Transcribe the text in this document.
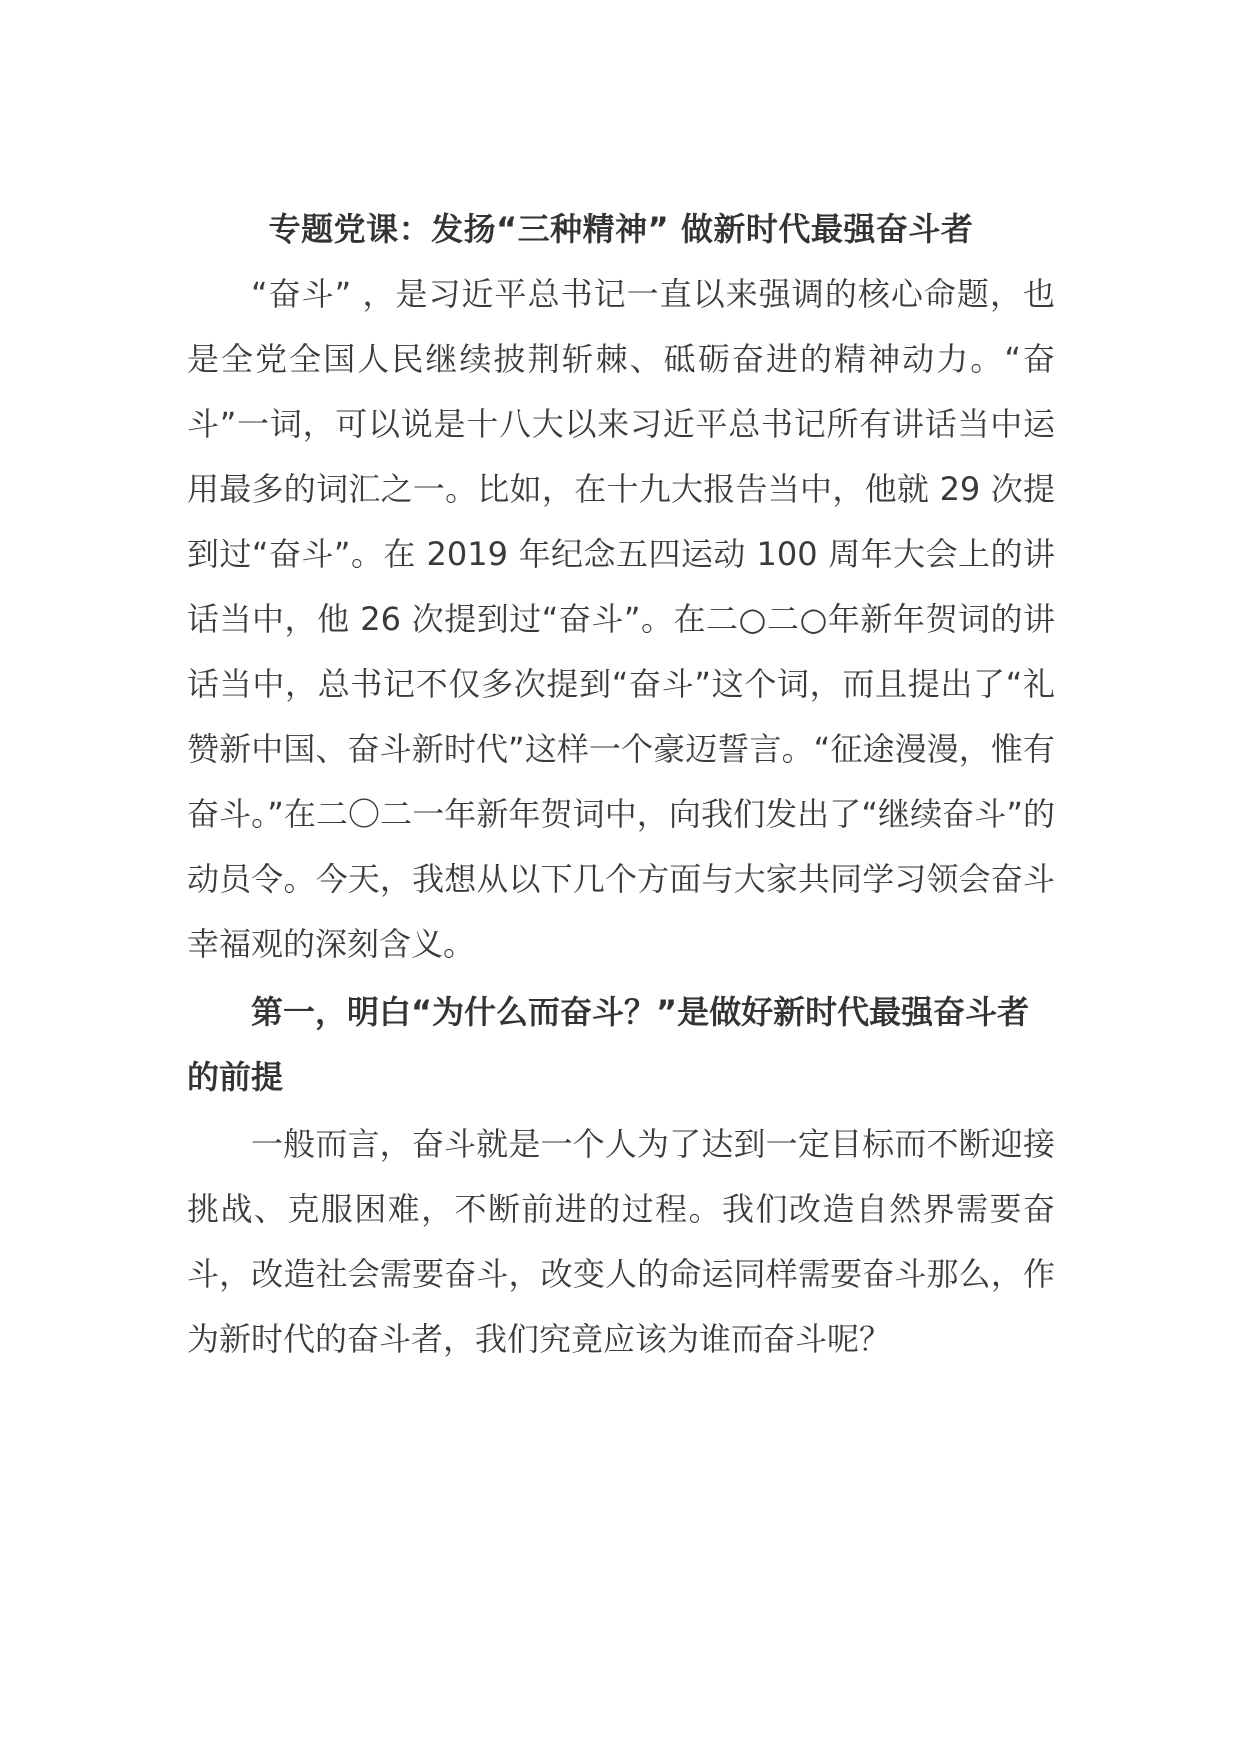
专题党课：发扬“三种精神” 做新时代最强奋斗者

“奋斗” ，是习近平总书记一直以来强调的核心命题，也是全党全国人民继续披荆斩棘、砥砺奋进的精神动力。“奋斗”一词，可以说是十八大以来习近平总书记所有讲话当中运用最多的词汇之一。比如，在十九大报告当中，他就 29 次提到过“奋斗”。在 2019 年纪念五四运动 100 周年大会上的讲话当中，他 26 次提到过“奋斗”。在二○二○年新年贺词的讲话当中，总书记不仅多次提到“奋斗”这个词，而且提出了“礼赞新中国、奋斗新时代”这样一个豪迈誓言。“征途漫漫，惟有奋斗。”在二〇二一年新年贺词中，向我们发出了“继续奋斗”的动员令。今天，我想从以下几个方面与大家共同学习领会奋斗幸福观的深刻含义。

第一，明白“为什么而奋斗？”是做好新时代最强奋斗者的前提

一般而言，奋斗就是一个人为了达到一定目标而不断迎接挑战、克服困难，不断前进的过程。我们改造自然界需要奋斗，改造社会需要奋斗，改变人的命运同样需要奋斗那么，作为新时代的奋斗者，我们究竟应该为谁而奋斗呢？
